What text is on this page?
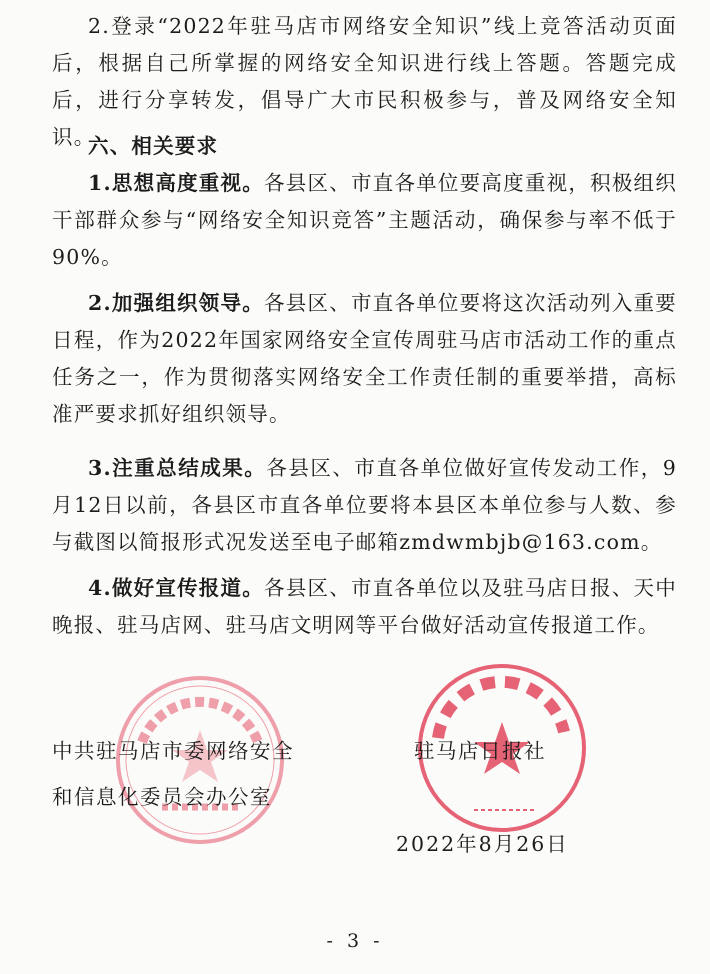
2.登录“2022年驻马店市网络安全知识”线上竞答活动页面后，根据自己所掌握的网络安全知识进行线上答题。答题完成后，进行分享转发，倡导广大市民积极参与，普及网络安全知识。

六、相关要求

1.思想高度重视。各县区、市直各单位要高度重视，积极组织干部群众参与“网络安全知识竞答”主题活动，确保参与率不低于90%。

2.加强组织领导。各县区、市直各单位要将这次活动列入重要日程，作为2022年国家网络安全宣传周驻马店市活动工作的重点任务之一，作为贯彻落实网络安全工作责任制的重要举措，高标准严要求抓好组织领导。

3.注重总结成果。各县区、市直各单位做好宣传发动工作，9月12日以前，各县区市直各单位要将本县区本单位参与人数、参与截图以简报形式况发送至电子邮箱zmdwmbjb@163.com。

4.做好宣传报道。各县区、市直各单位以及驻马店日报、天中晚报、驻马店网、驻马店文明网等平台做好活动宣传报道工作。

中共驻马店市委网络安全

和信息化委员会办公室

驻马店日报社

2022年8月26日

- 3 -
